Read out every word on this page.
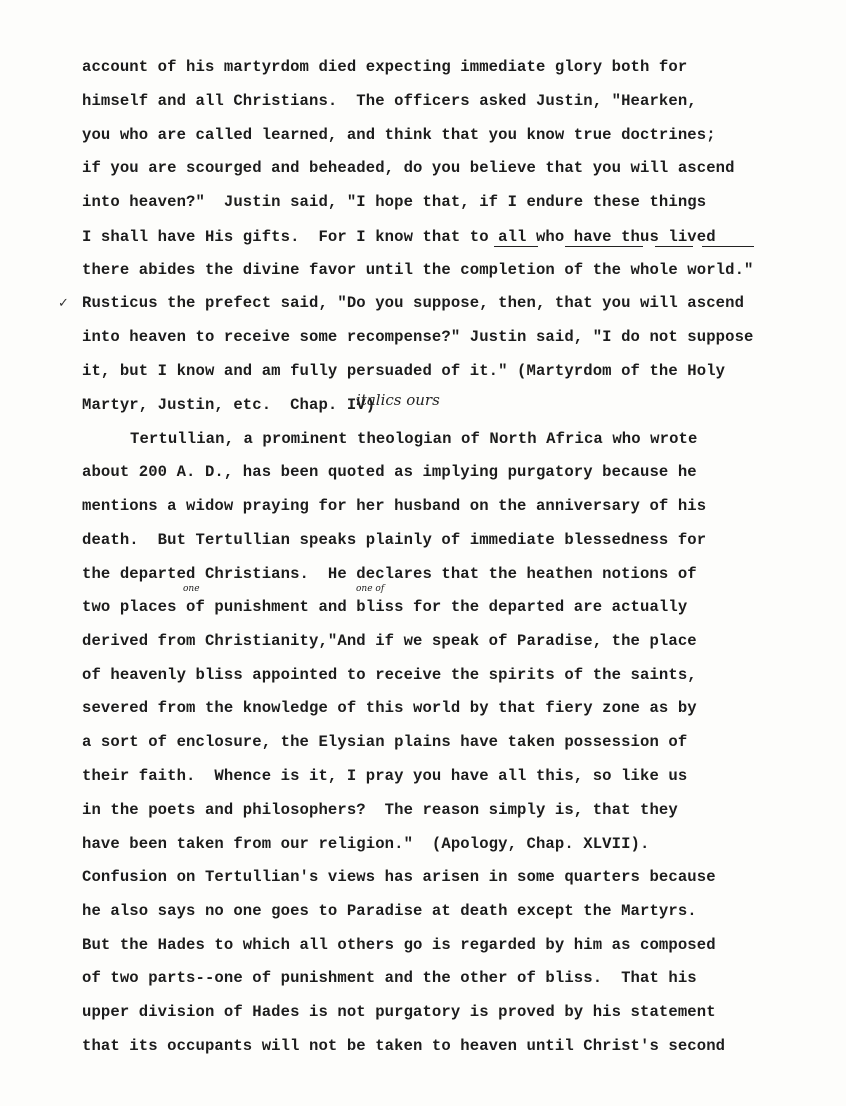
account of his martyrdom died expecting immediate glory both for
himself and all Christians.  The officers asked Justin, "Hearken,
you who are called learned, and think that you know true doctrines;
if you are scourged and beheaded, do you believe that you will ascend
into heaven?"  Justin said, "I hope that, if I endure these things
I shall have His gifts.  For I know that to all who have thus lived
there abides the divine favor until the completion of the whole world."
Rusticus the prefect said, "Do you suppose, then, that you will ascend
into heaven to receive some recompense?" Justin said, "I do not suppose
it, but I know and am fully persuaded of it." (Martyrdom of the Holy
Martyr, Justin, etc.  Chap. IV)
Tertullian, a prominent theologian of North Africa who wrote
about 200 A. D., has been quoted as implying purgatory because he
mentions a widow praying for her husband on the anniversary of his
death.  But Tertullian speaks plainly of immediate blessedness for
the departed Christians.  He declares that the heathen notions of
two places of punishment and bliss for the departed are actually
derived from Christianity,"And if we speak of Paradise, the place
of heavenly bliss appointed to receive the spirits of the saints,
severed from the knowledge of this world by that fiery zone as by
a sort of enclosure, the Elysian plains have taken possession of
their faith.  Whence is it, I pray you have all this, so like us
in the poets and philosophers?  The reason simply is, that they
have been taken from our religion."  (Apology, Chap. XLVII).
Confusion on Tertullian's views has arisen in some quarters because
he also says no one goes to Paradise at death except the Martyrs.
But the Hades to which all others go is regarded by him as composed
of two parts--one of punishment and the other of bliss.  That his
upper division of Hades is not purgatory is proved by his statement
that its occupants will not be taken to heaven until Christ's second
italics ours
one	one of
✓
